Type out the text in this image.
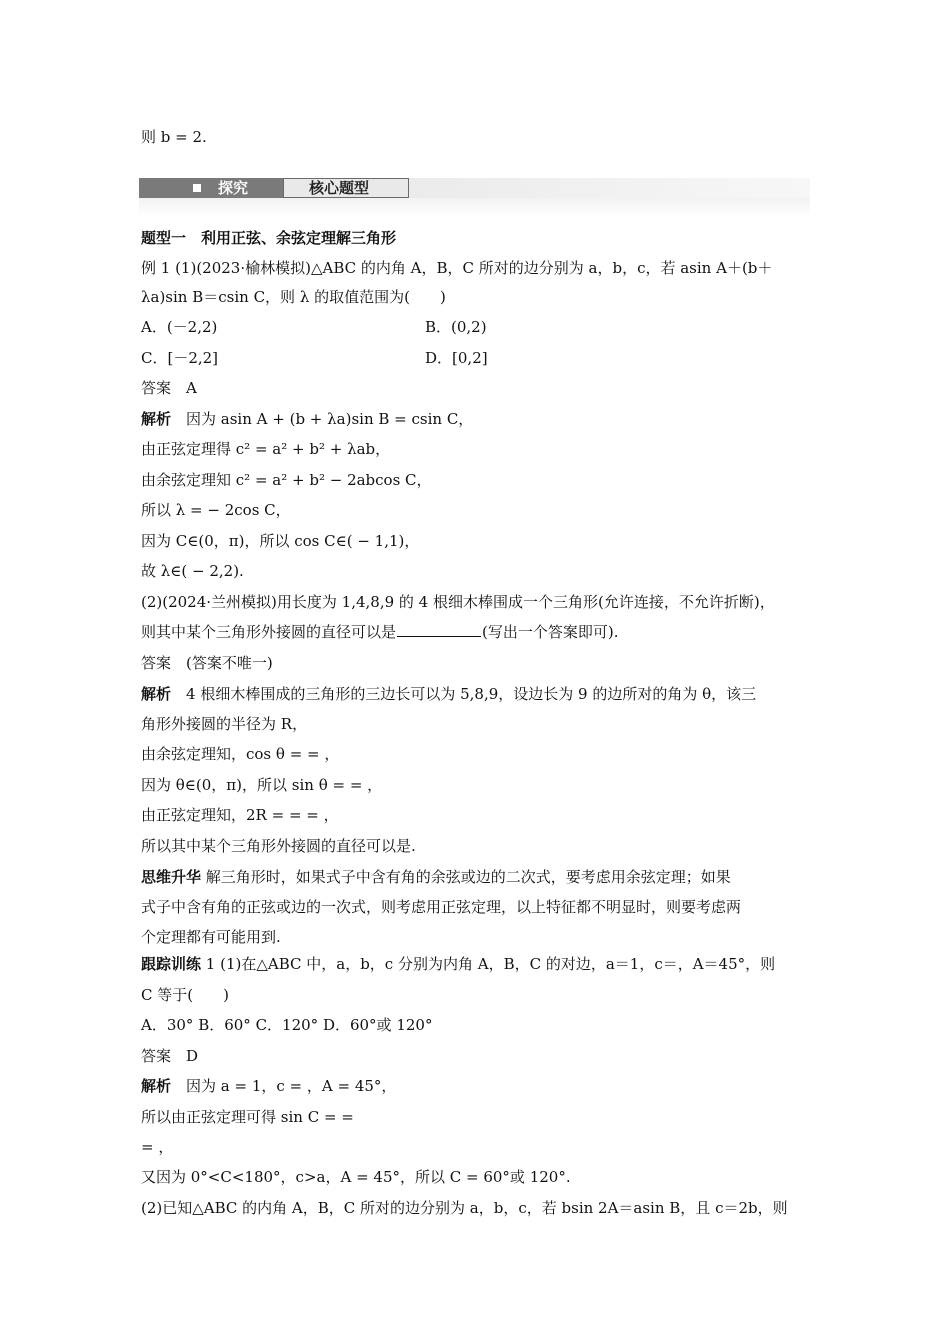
则 b = 2.
探究	核心题型
题型一　利用正弦、余弦定理解三角形
例 1 (1)(2023·榆林模拟)△ABC 的内角 A，B，C 所对的边分别为 a，b，c，若 asin A＋(b＋
λa)sin B＝csin C，则 λ 的取值范围为(　　)
A．(－2,2)	B．(0,2)
C．[－2,2]	D．[0,2]
答案　A
解析　因为 asin A + (b + λa)sin B = csin C，
由正弦定理得 c² = a² + b² + λab，
由余弦定理知 c² = a² + b² − 2abcos C，
所以 λ = − 2cos C，
因为 C∈(0，π)，所以 cos C∈( − 1,1)，
故 λ∈( − 2,2).
(2)(2024·兰州模拟)用长度为 1,4,8,9 的 4 根细木棒围成一个三角形(允许连接，不允许折断)，
则其中某个三角形外接圆的直径可以是	(写出一个答案即可).
答案　(答案不唯一)
解析　4 根细木棒围成的三角形的三边长可以为 5,8,9，设边长为 9 的边所对的角为 θ，该三
角形外接圆的半径为 R，
由余弦定理知，cos θ = = ，
因为 θ∈(0，π)，所以 sin θ = = ，
由正弦定理知，2R = = = ，
所以其中某个三角形外接圆的直径可以是.
思维升华 解三角形时，如果式子中含有角的余弦或边的二次式，要考虑用余弦定理；如果
式子中含有角的正弦或边的一次式，则考虑用正弦定理，以上特征都不明显时，则要考虑两
个定理都有可能用到.
跟踪训练 1 (1)在△ABC 中，a，b，c 分别为内角 A，B，C 的对边，a＝1，c＝，A＝45°，则
C 等于(　　)
A．30° B．60° C．120° D．60°或 120°
答案　D
解析　因为 a = 1，c = ，A = 45°，
所以由正弦定理可得 sin C = =
= ，
又因为 0°<C<180°，c>a，A = 45°，所以 C = 60°或 120°.
(2)已知△ABC 的内角 A，B，C 所对的边分别为 a，b，c，若 bsin 2A＝asin B，且 c＝2b，则
